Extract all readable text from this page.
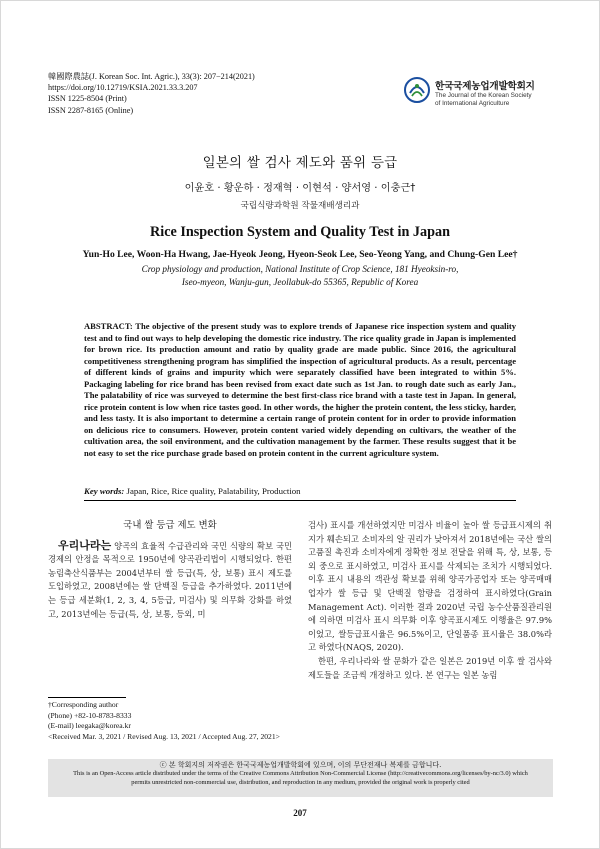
韓國際農誌(J. Korean Soc. Int. Agric.), 33(3): 207−214(2021)
https://doi.org/10.12719/KSIA.2021.33.3.207
ISSN 1225-8504 (Print)
ISSN 2287-8165 (Online)
한국국제농업개발학회지
The Journal of the Korean Society
of International Agriculture
일본의 쌀 검사 제도와 품위 등급
이윤호 · 황운하 · 정재혁 · 이현석 · 양서영 · 이충근†
국립식량과학원 작물재배생리과
Rice Inspection System and Quality Test in Japan
Yun-Ho Lee, Woon-Ha Hwang, Jae-Hyeok Jeong, Hyeon-Seok Lee, Seo-Yeong Yang, and Chung-Gen Lee†
Crop physiology and production, National Institute of Crop Science, 181 Hyeoksin-ro,
Iseo-myeon, Wanju-gun, Jeollabuk-do 55365, Republic of Korea
ABSTRACT: The objective of the present study was to explore trends of Japanese rice inspection system and quality test and to find out ways to help developing the domestic rice industry. The rice quality grade in Japan is implemented for brown rice. Its production amount and ratio by quality grade are made public. Since 2016, the agricultural competitiveness strengthening program has simplified the inspection of agricultural products. As a result, percentage of different kinds of grains and impurity which were separately classified have been integrated to within 5%. Packaging labeling for rice brand has been revised from exact date such as 1st Jan. to rough date such as early Jan., The palatability of rice was surveyed to determine the best first-class rice brand with a taste test in Japan. In general, rice protein content is low when rice tastes good. In other words, the higher the protein content, the less sticky, harder, and less tasty. It is also important to determine a certain range of protein content for in order to provide information on delicious rice to consumers. However, protein content varied widely depending on cultivars, the weather of the cultivation area, the soil environment, and the cultivation management by the farmer. These results suggest that it be not easy to set the rice purchase grade based on protein content in the current agriculture system.
Key words: Japan, Rice, Rice quality, Palatability, Production
국내 쌀 등급 제도 변화

우리나라는 양곡의 효율적 수급관리와 국민 식량의 확보 국민 경제의 안정을 목적으로 1950년에 양곡관리법이 시행되었다. 한편 농림축산식품부는 2004년부터 쌀 등급(특, 상, 보통) 표시 제도를 도입하였고, 2008년에는 쌀 단백질 등급을 추가하였다. 2011년에는 등급 세분화(1, 2, 3, 4, 5등급, 미검사) 및 의무화 강화를 하였고, 2013년에는 등급(특, 상, 보통, 등외, 미

검사) 표시를 개선하였지만 미검사 비율이 높아 쌀 등급표시제의 취지가 훼손되고 소비자의 알 권리가 낮아져서 2018년에는 국산 쌀의 고품질 촉진과 소비자에게 정확한 정보 전달을 위해 특, 상, 보통, 등외 중으로 표시하였고, 미검사 표시를 삭제되는 조치가 시행되었다. 이후 표시 내용의 객관성 확보를 위해 양곡가공업자 또는 양곡매매업자가 쌀 등급 및 단백질 함량을 검정하여 표시하였다(Grain Management Act). 이러한 결과 2020년 국립 농수산품질관리원에 의하면 미검사 표시 의무화 이후 양곡표시제도 이행율은 97.9%이었고, 쌀등급표시율은 96.5%이고, 단일품종 표시율은 38.0%라고 하였다(NAQS, 2020).

한편, 우리나라와 쌀 문화가 같은 일본은 2019년 이후 쌀 검사와 제도들을 조금씩 개정하고 있다. 본 연구는 일본 농림

†Corresponding author
(Phone) +82-10-8783-8333
(E-mail) leegaka@korea.kr
<Received Mar. 3, 2021 / Revised Aug. 13, 2021 / Accepted Aug. 27, 2021>
ⓒ 본 학회지의 저작권은 한국국제농업개발학회에 있으며, 이의 무단전재나 복제를 금합니다.
This is an Open-Access article distributed under the terms of the Creative Commons Attribution Non-Commercial License (http://creativecommons.org/licenses/by-nc/3.0) which
permits unrestricted non-commercial use, distribution, and reproduction in any medium, provided the original work is properly cited
207
